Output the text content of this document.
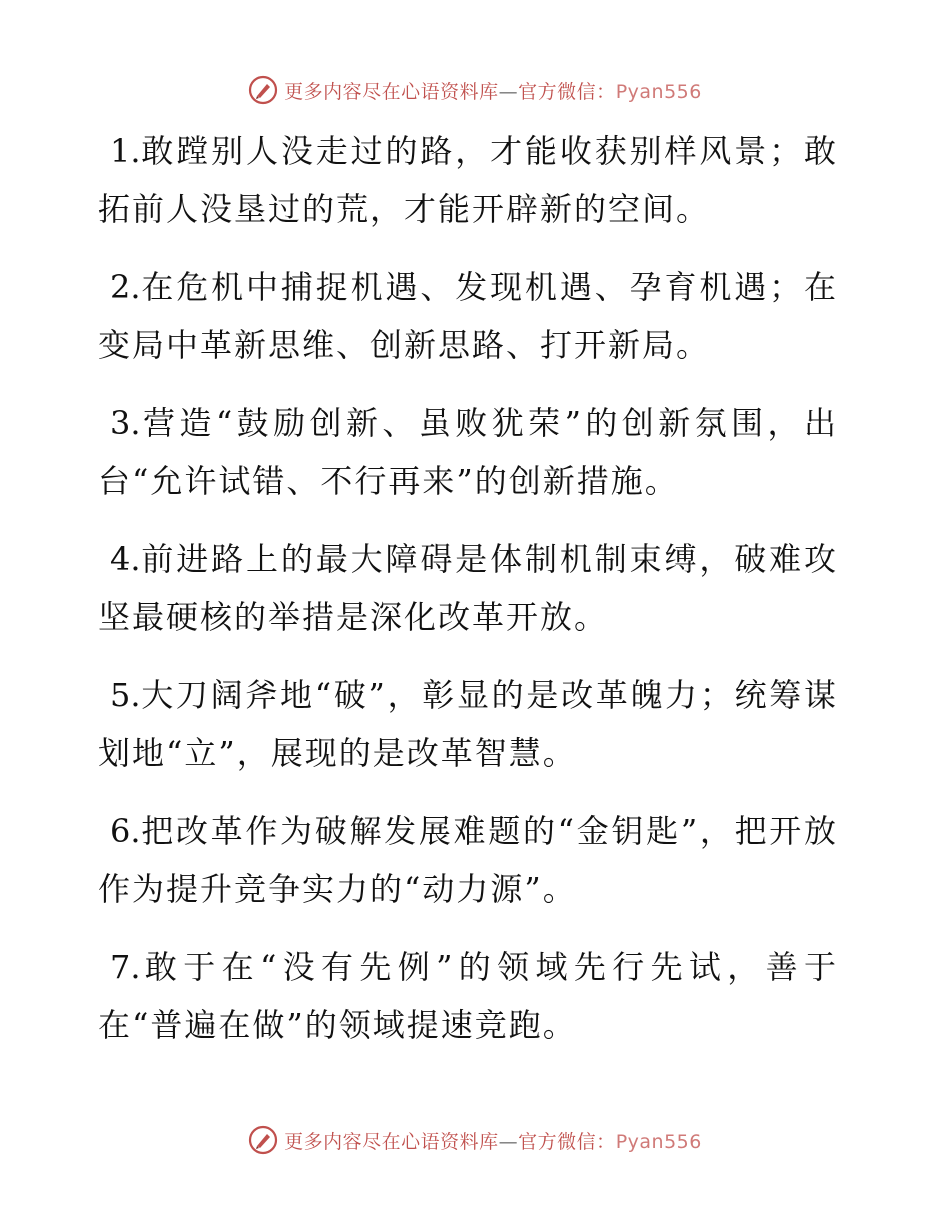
更多内容尽在心语资料库—官方微信：Pyan556

1.敢蹚别人没走过的路，才能收获别样风景；敢拓前人没垦过的荒，才能开辟新的空间。

2.在危机中捕捉机遇、发现机遇、孕育机遇；在变局中革新思维、创新思路、打开新局。

3.营造“鼓励创新、虽败犹荣”的创新氛围，出台“允许试错、不行再来”的创新措施。

4.前进路上的最大障碍是体制机制束缚，破难攻坚最硬核的举措是深化改革开放。

5.大刀阔斧地“破”，彰显的是改革魄力；统筹谋划地“立”，展现的是改革智慧。

6.把改革作为破解发展难题的“金钥匙”，把开放作为提升竞争实力的“动力源”。

7.敢于在“没有先例”的领域先行先试，善于在“普遍在做”的领域提速竞跑。

更多内容尽在心语资料库—官方微信：Pyan556
